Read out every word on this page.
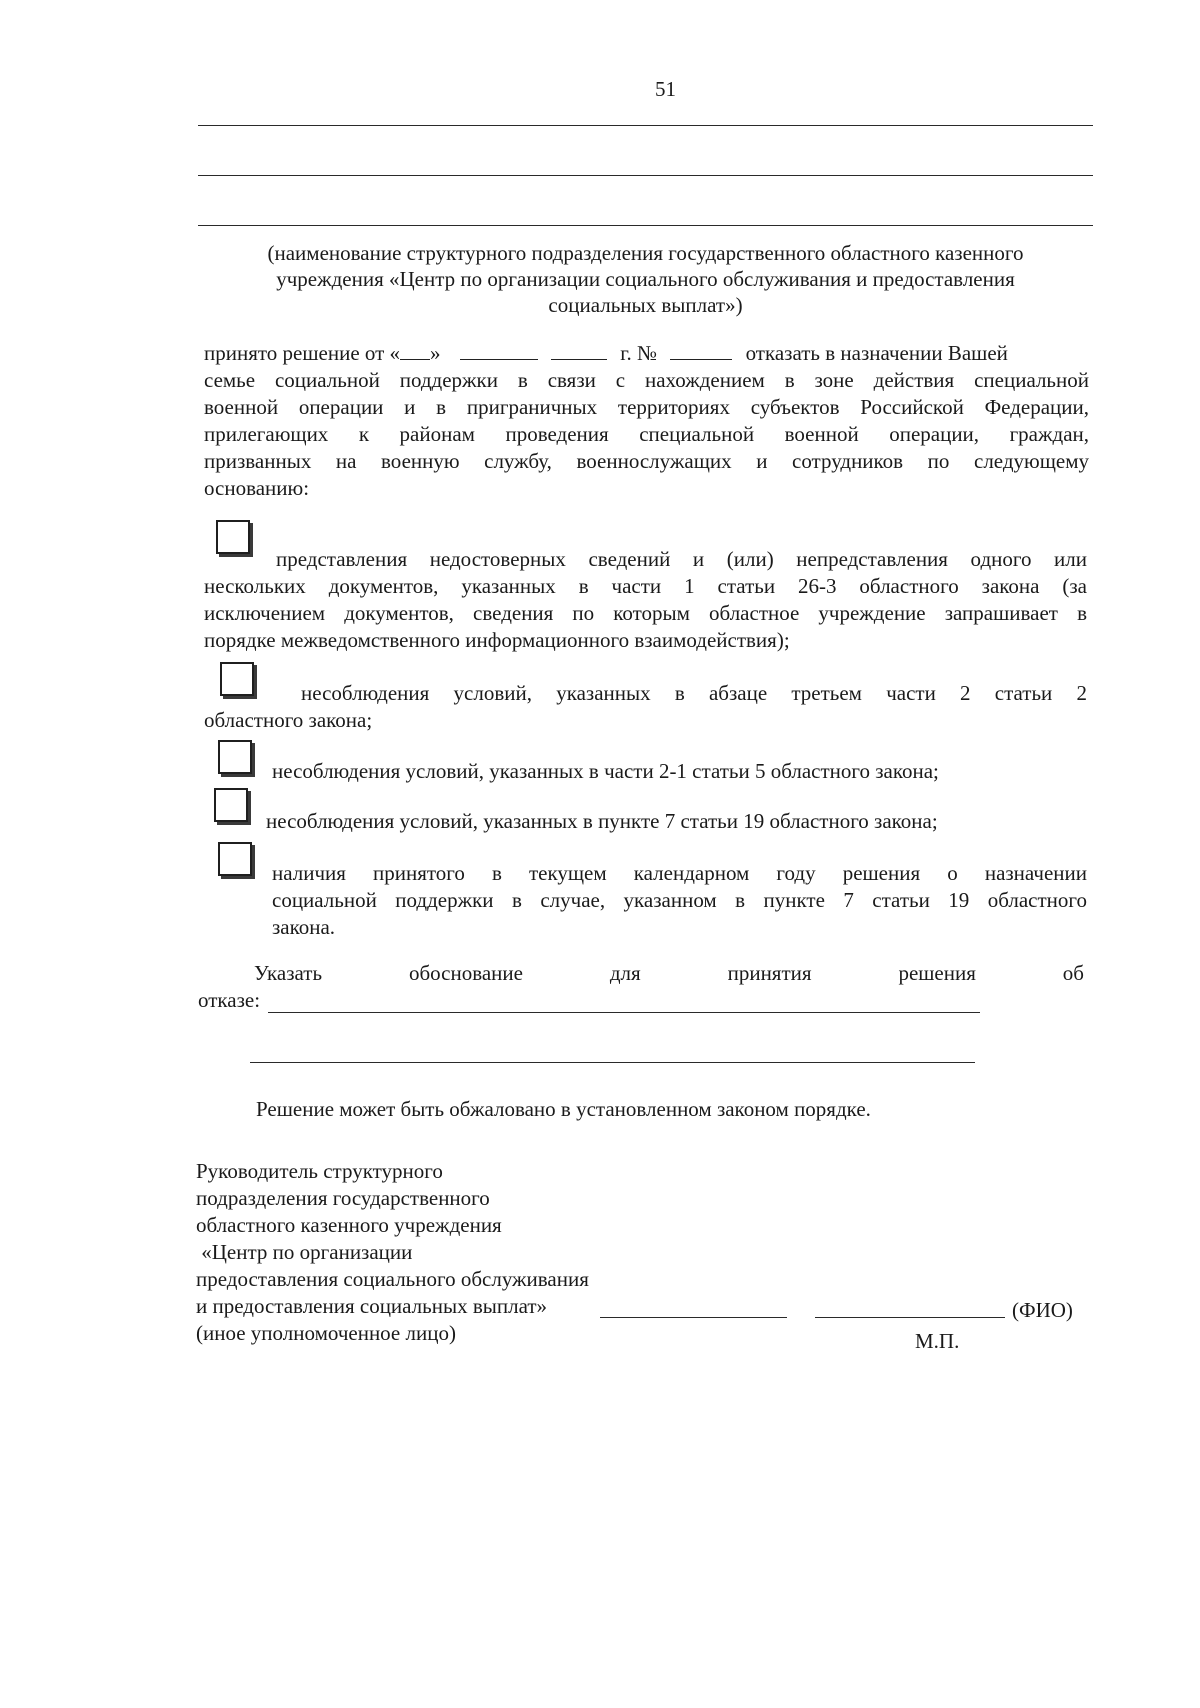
51
(наименование структурного подразделения государственного областного казенного
учреждения «Центр по организации социального обслуживания и предоставления
социальных выплат»)
принято решение от « »	г. №	отказать в назначении Вашей
семье социальной поддержки в связи с нахождением в зоне действия специальной
военной операции и в приграничных территориях субъектов Российской Федерации,
прилегающих к районам проведения специальной военной операции, граждан,
призванных на военную службу, военнослужащих и сотрудников по следующему
основанию:
представления недостоверных сведений и (или) непредставления одного или
нескольких документов, указанных в части 1 статьи 26-3 областного закона (за
исключением документов, сведения по которым областное учреждение запрашивает в
порядке межведомственного информационного взаимодействия);
несоблюдения условий, указанных в абзаце третьем части 2 статьи 2
областного закона;
несоблюдения условий, указанных в части 2-1 статьи 5 областного закона;
несоблюдения условий, указанных в пункте 7 статьи 19 областного закона;
наличия принятого в текущем календарном году решения о назначении
социальной поддержки в случае, указанном в пункте 7 статьи 19 областного
закона.
Указать	обоснование	для	принятия	решения	об
отказе:
Решение может быть обжаловано в установленном законом порядке.
Руководитель структурного
подразделения государственного
областного казенного учреждения
«Центр по организации
предоставления социального обслуживания
и предоставления социальных выплат»	(ФИО)
(иное уполномоченное лицо)	М.П.
